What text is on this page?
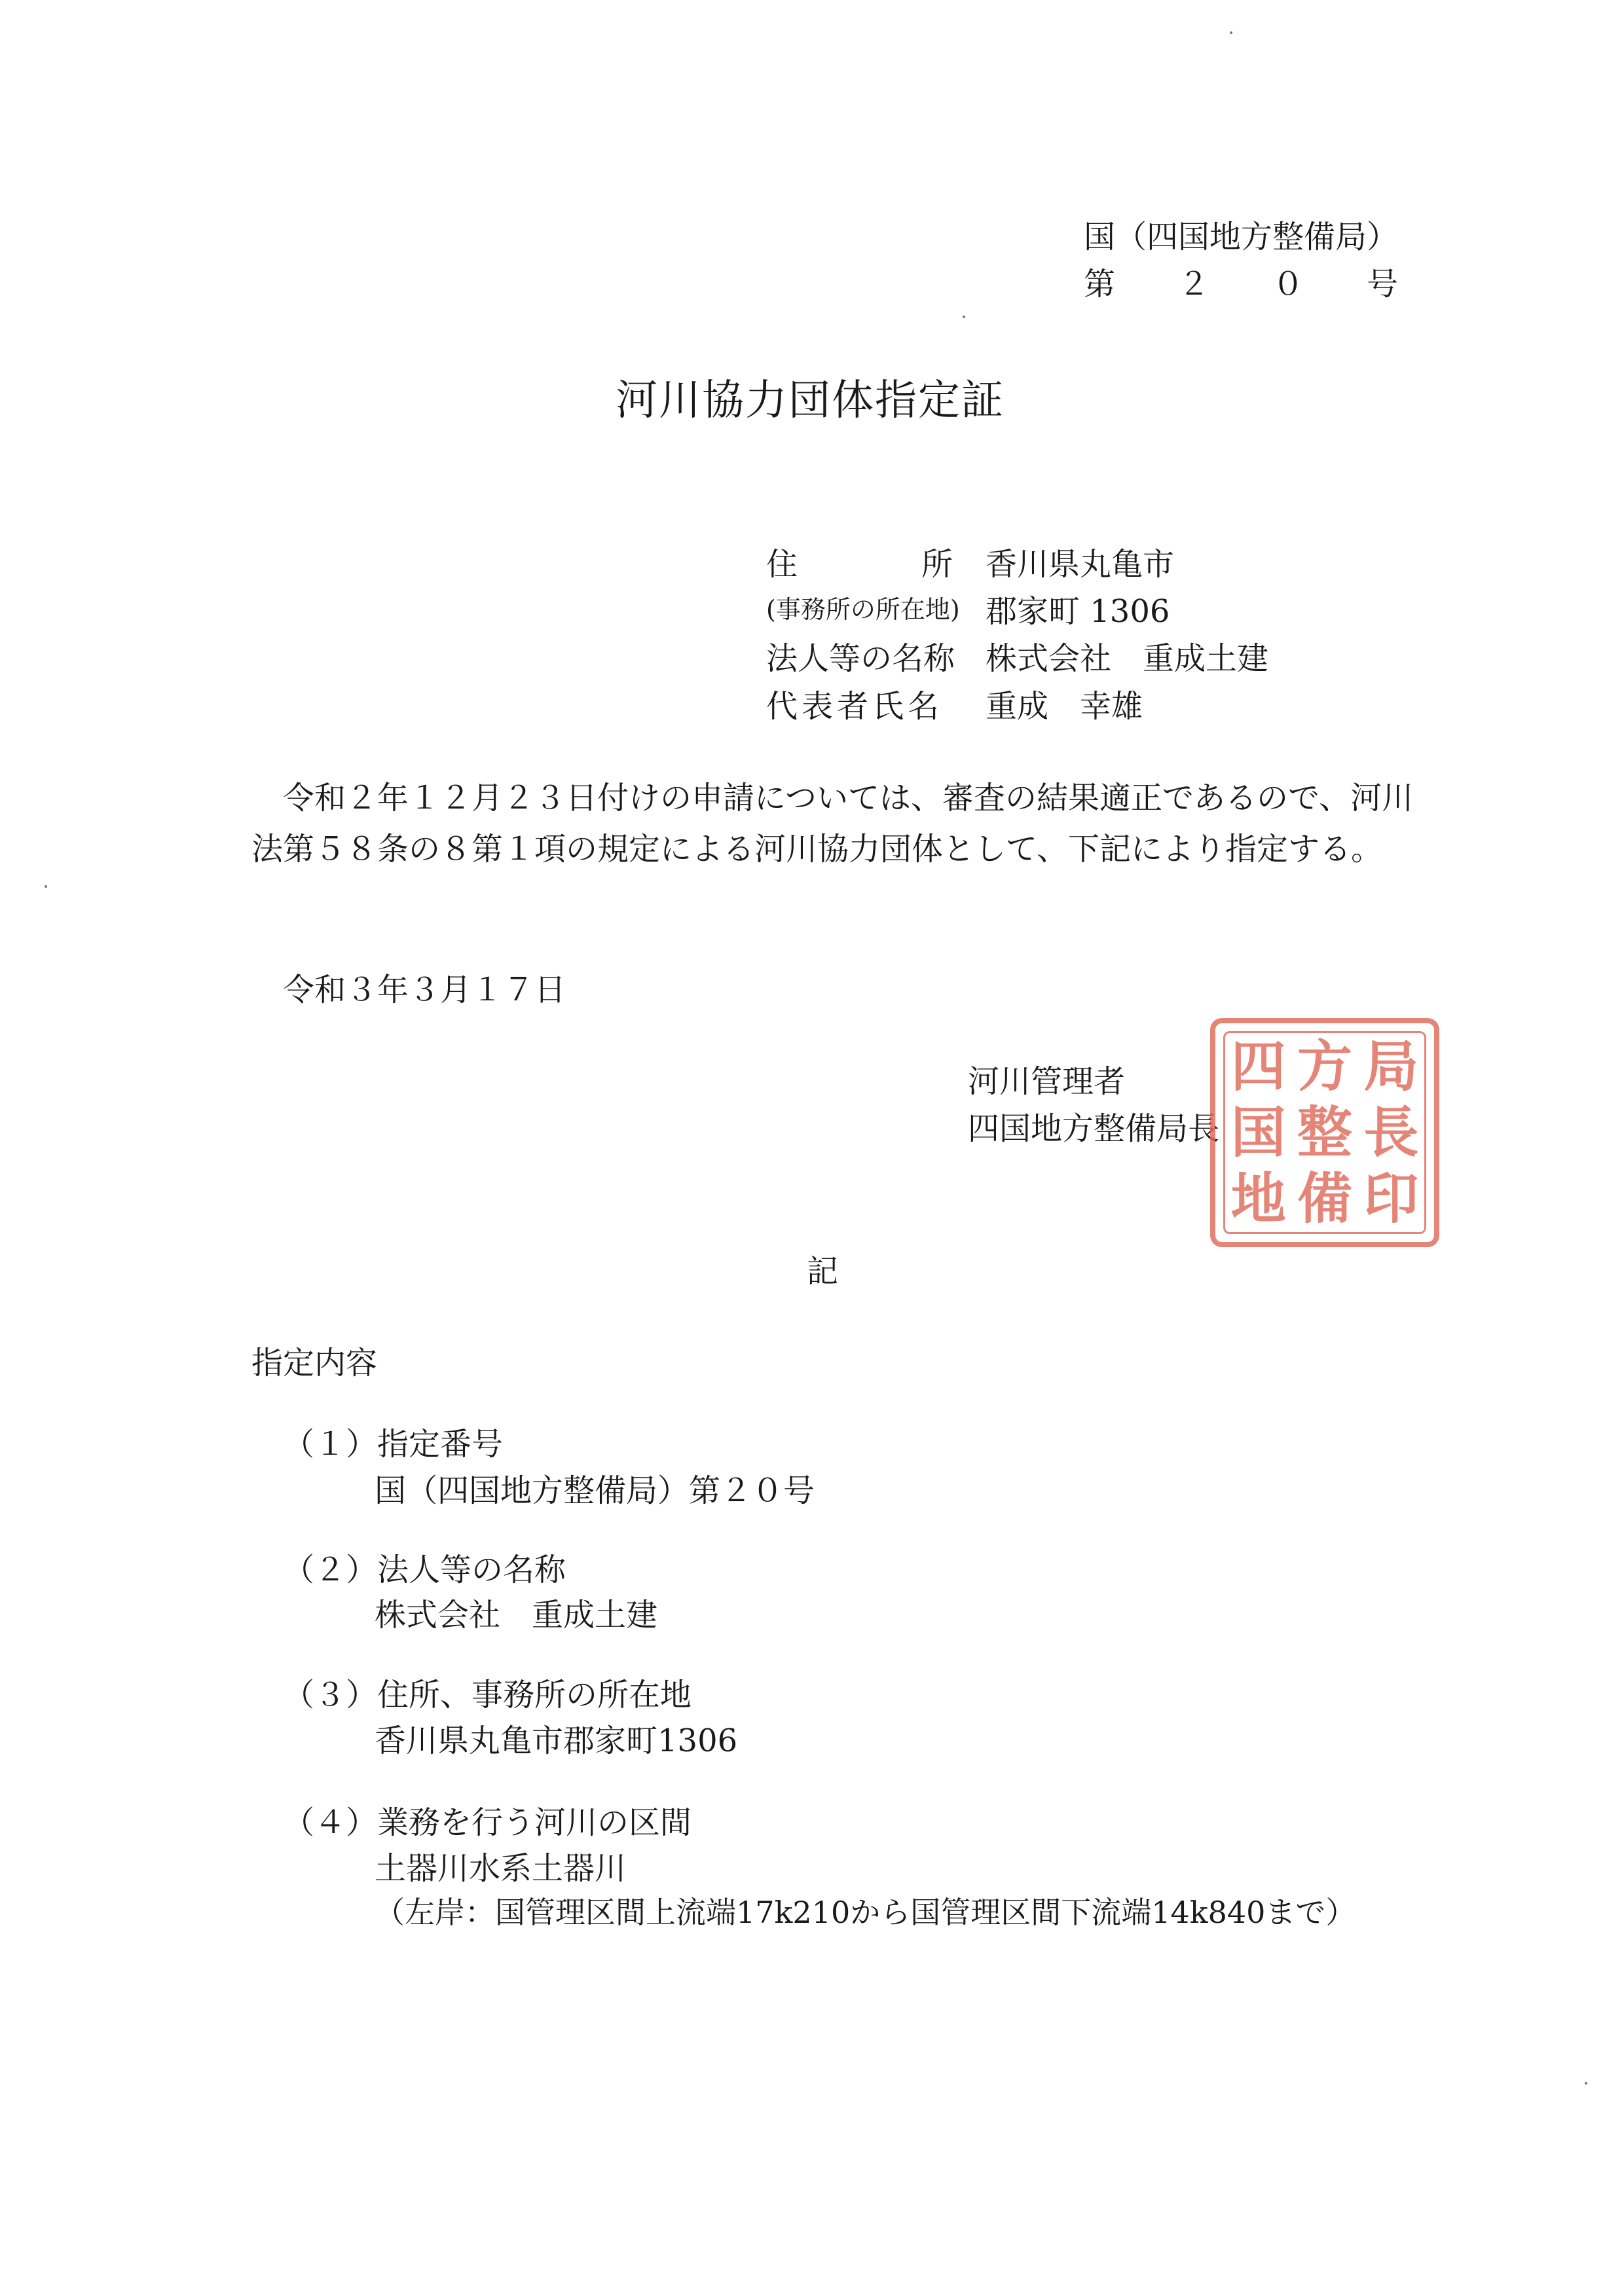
国（四国地方整備局）
第 ２ ０ 号
河川協力団体指定証
住	所 香川県丸亀市
(事務所の所在地) 郡家町 1306
法人等の名称 株式会社　重成土建
代表者氏名 重成　幸雄
令和２年１２月２３日付けの申請については、審査の結果適正であるので、河川
法第５８条の８第１項の規定による河川協力団体として、下記により指定する。
令和３年３月１７日
河川管理者
四国地方整備局長
四
国
地
方
整
備
局
長
印
記
指定内容
（１）指定番号
国（四国地方整備局）第２０号
（２）法人等の名称
株式会社　重成土建
（３）住所、事務所の所在地
香川県丸亀市郡家町1306
（４）業務を行う河川の区間
土器川水系土器川
（左岸：国管理区間上流端17k210から国管理区間下流端14k840まで）
